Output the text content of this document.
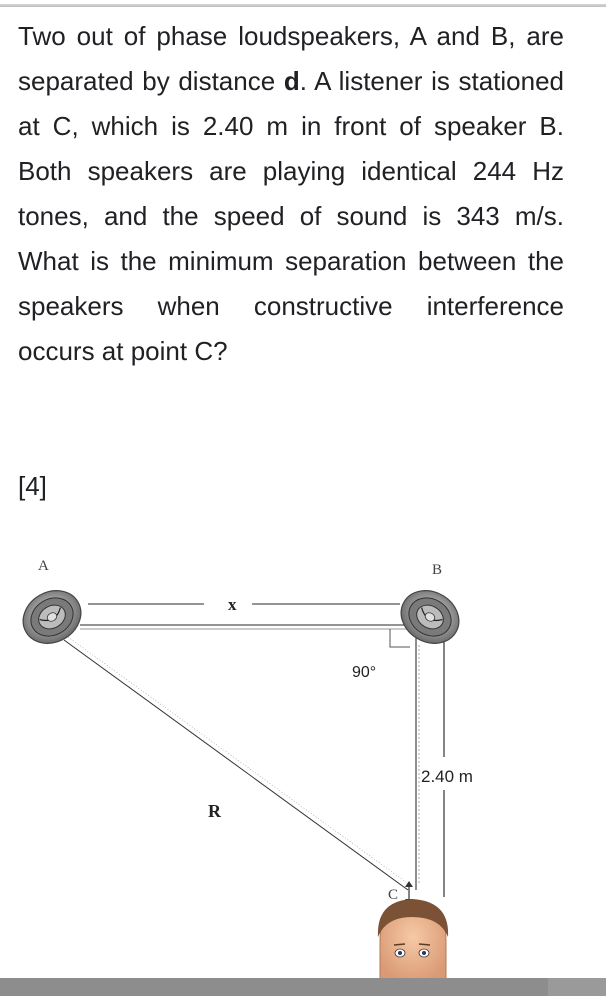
Two out of phase loudspeakers, A and B, are separated by distance d. A listener is stationed at C, which is 2.40 m in front of speaker B. Both speakers are playing identical 244 Hz tones, and the speed of sound is 343 m/s. What is the minimum separation between the speakers when constructive interference occurs at point C?

[4]

A	B
x
90°
2.40 m
R
C
